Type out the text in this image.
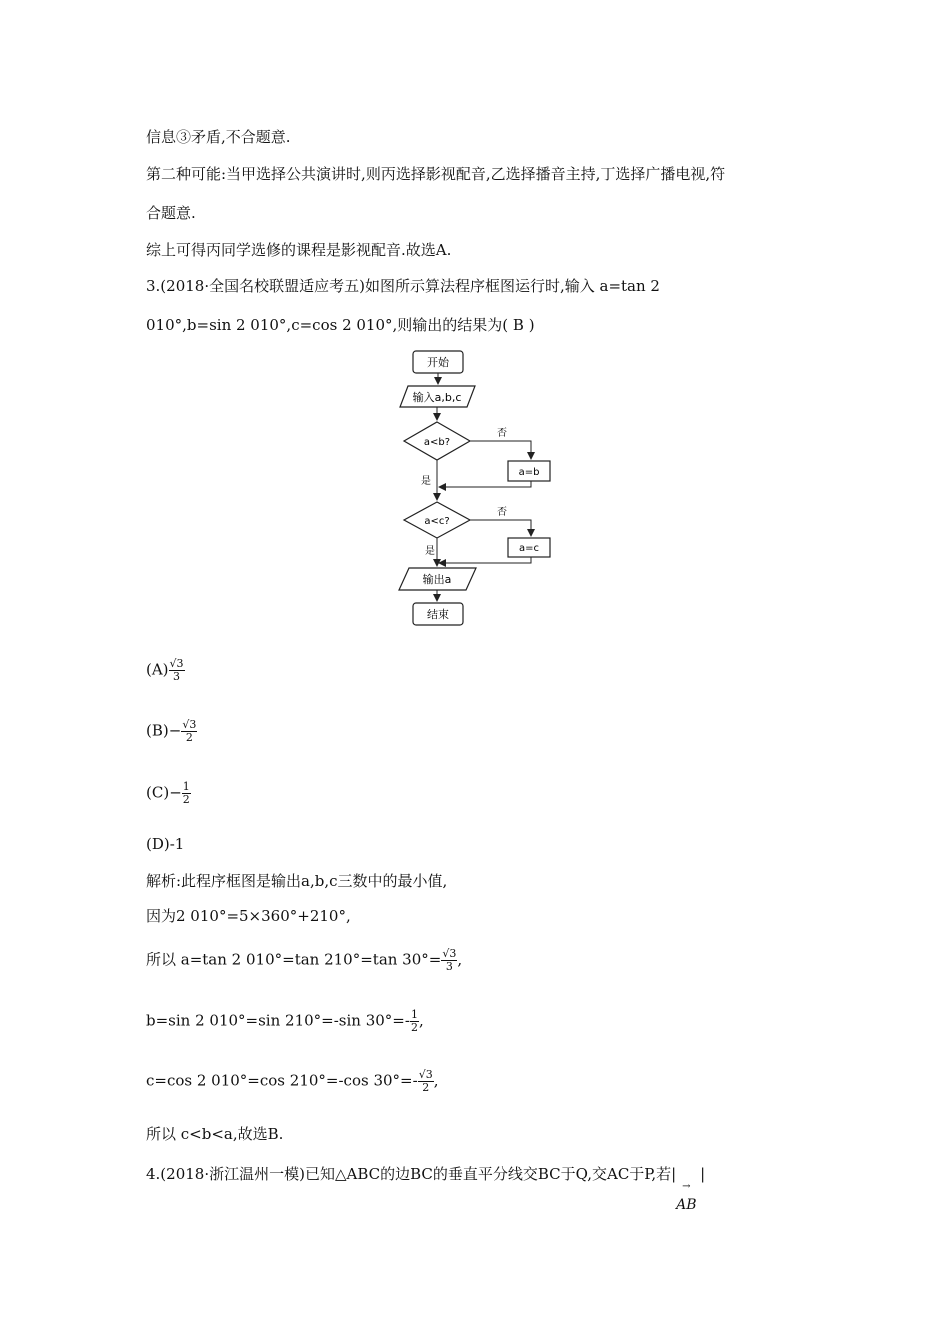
信息③矛盾,不合题意.
第二种可能:当甲选择公共演讲时,则丙选择影视配音,乙选择播音主持,丁选择广播电视,符
合题意.
综上可得丙同学选修的课程是影视配音.故选A.
3.(2018·全国名校联盟适应考五)如图所示算法程序框图运行时,输入 a=tan 2
010°,b=sin 2 010°,c=cos 2 010°,则输出的结果为( B )
开始
输入a,b,c
a<b?
否
a=b
是
a<c?
否
a=c
是
输出a
结束
$(A) \frac{√3}{3}$
$(B)- \frac{√3}{2}$
$(C)- \frac{1}{2}$
(D)-1
解析:此程序框图是输出a,b,c三数中的最小值,
因为2 010°=5×360°+210°,
所以 a=tan 2 010°=tan 210°=tan $30^\circ= \frac{√3}{3}$ ,
b=sin 2 010°=sin 210°=-sin $30^\circ=- \frac{1}{2}$ ,
c=cos 2 010°=cos 210°=-cos $30^\circ=- \frac{√3}{2}$ ,
所以 c<b<a,故选B.
4.(2018·浙江温州一模)已知△ABC的边BC的垂直平分线交BC于Q,交AC于P,若|
→
AB
|
